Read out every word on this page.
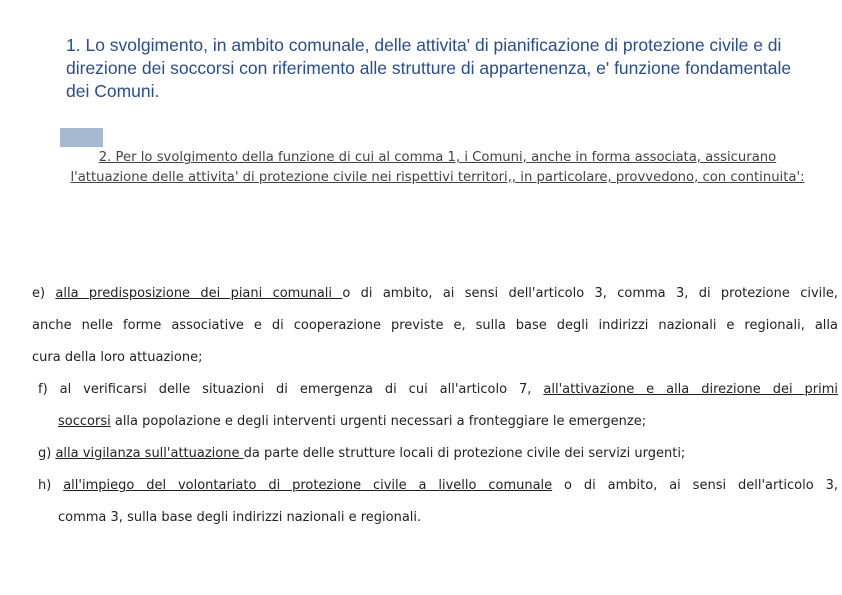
1. Lo svolgimento, in ambito comunale, delle attivita' di pianificazione di protezione civile e di direzione dei soccorsi con riferimento alle strutture di appartenenza, e' funzione fondamentale dei Comuni.

2. Per lo svolgimento della funzione di cui al comma 1, i Comuni, anche in forma associata, assicurano l'attuazione delle attivita' di protezione civile nei rispettivi territori,, in particolare, provvedono, con continuita':

e) alla predisposizione dei piani comunali o di ambito, ai sensi dell'articolo 3, comma 3, di protezione civile,

anche nelle forme associative e di cooperazione previste e, sulla base degli indirizzi nazionali e regionali, alla

cura della loro attuazione;

f) al verificarsi delle situazioni di emergenza di cui all'articolo 7, all'attivazione e alla direzione dei primi

soccorsi alla popolazione e degli interventi urgenti necessari a fronteggiare le emergenze;

g) alla vigilanza sull'attuazione da parte delle strutture locali di protezione civile dei servizi urgenti;

h) all'impiego del volontariato di protezione civile a livello comunale o di ambito, ai sensi dell'articolo 3,

comma 3, sulla base degli indirizzi nazionali e regionali.
